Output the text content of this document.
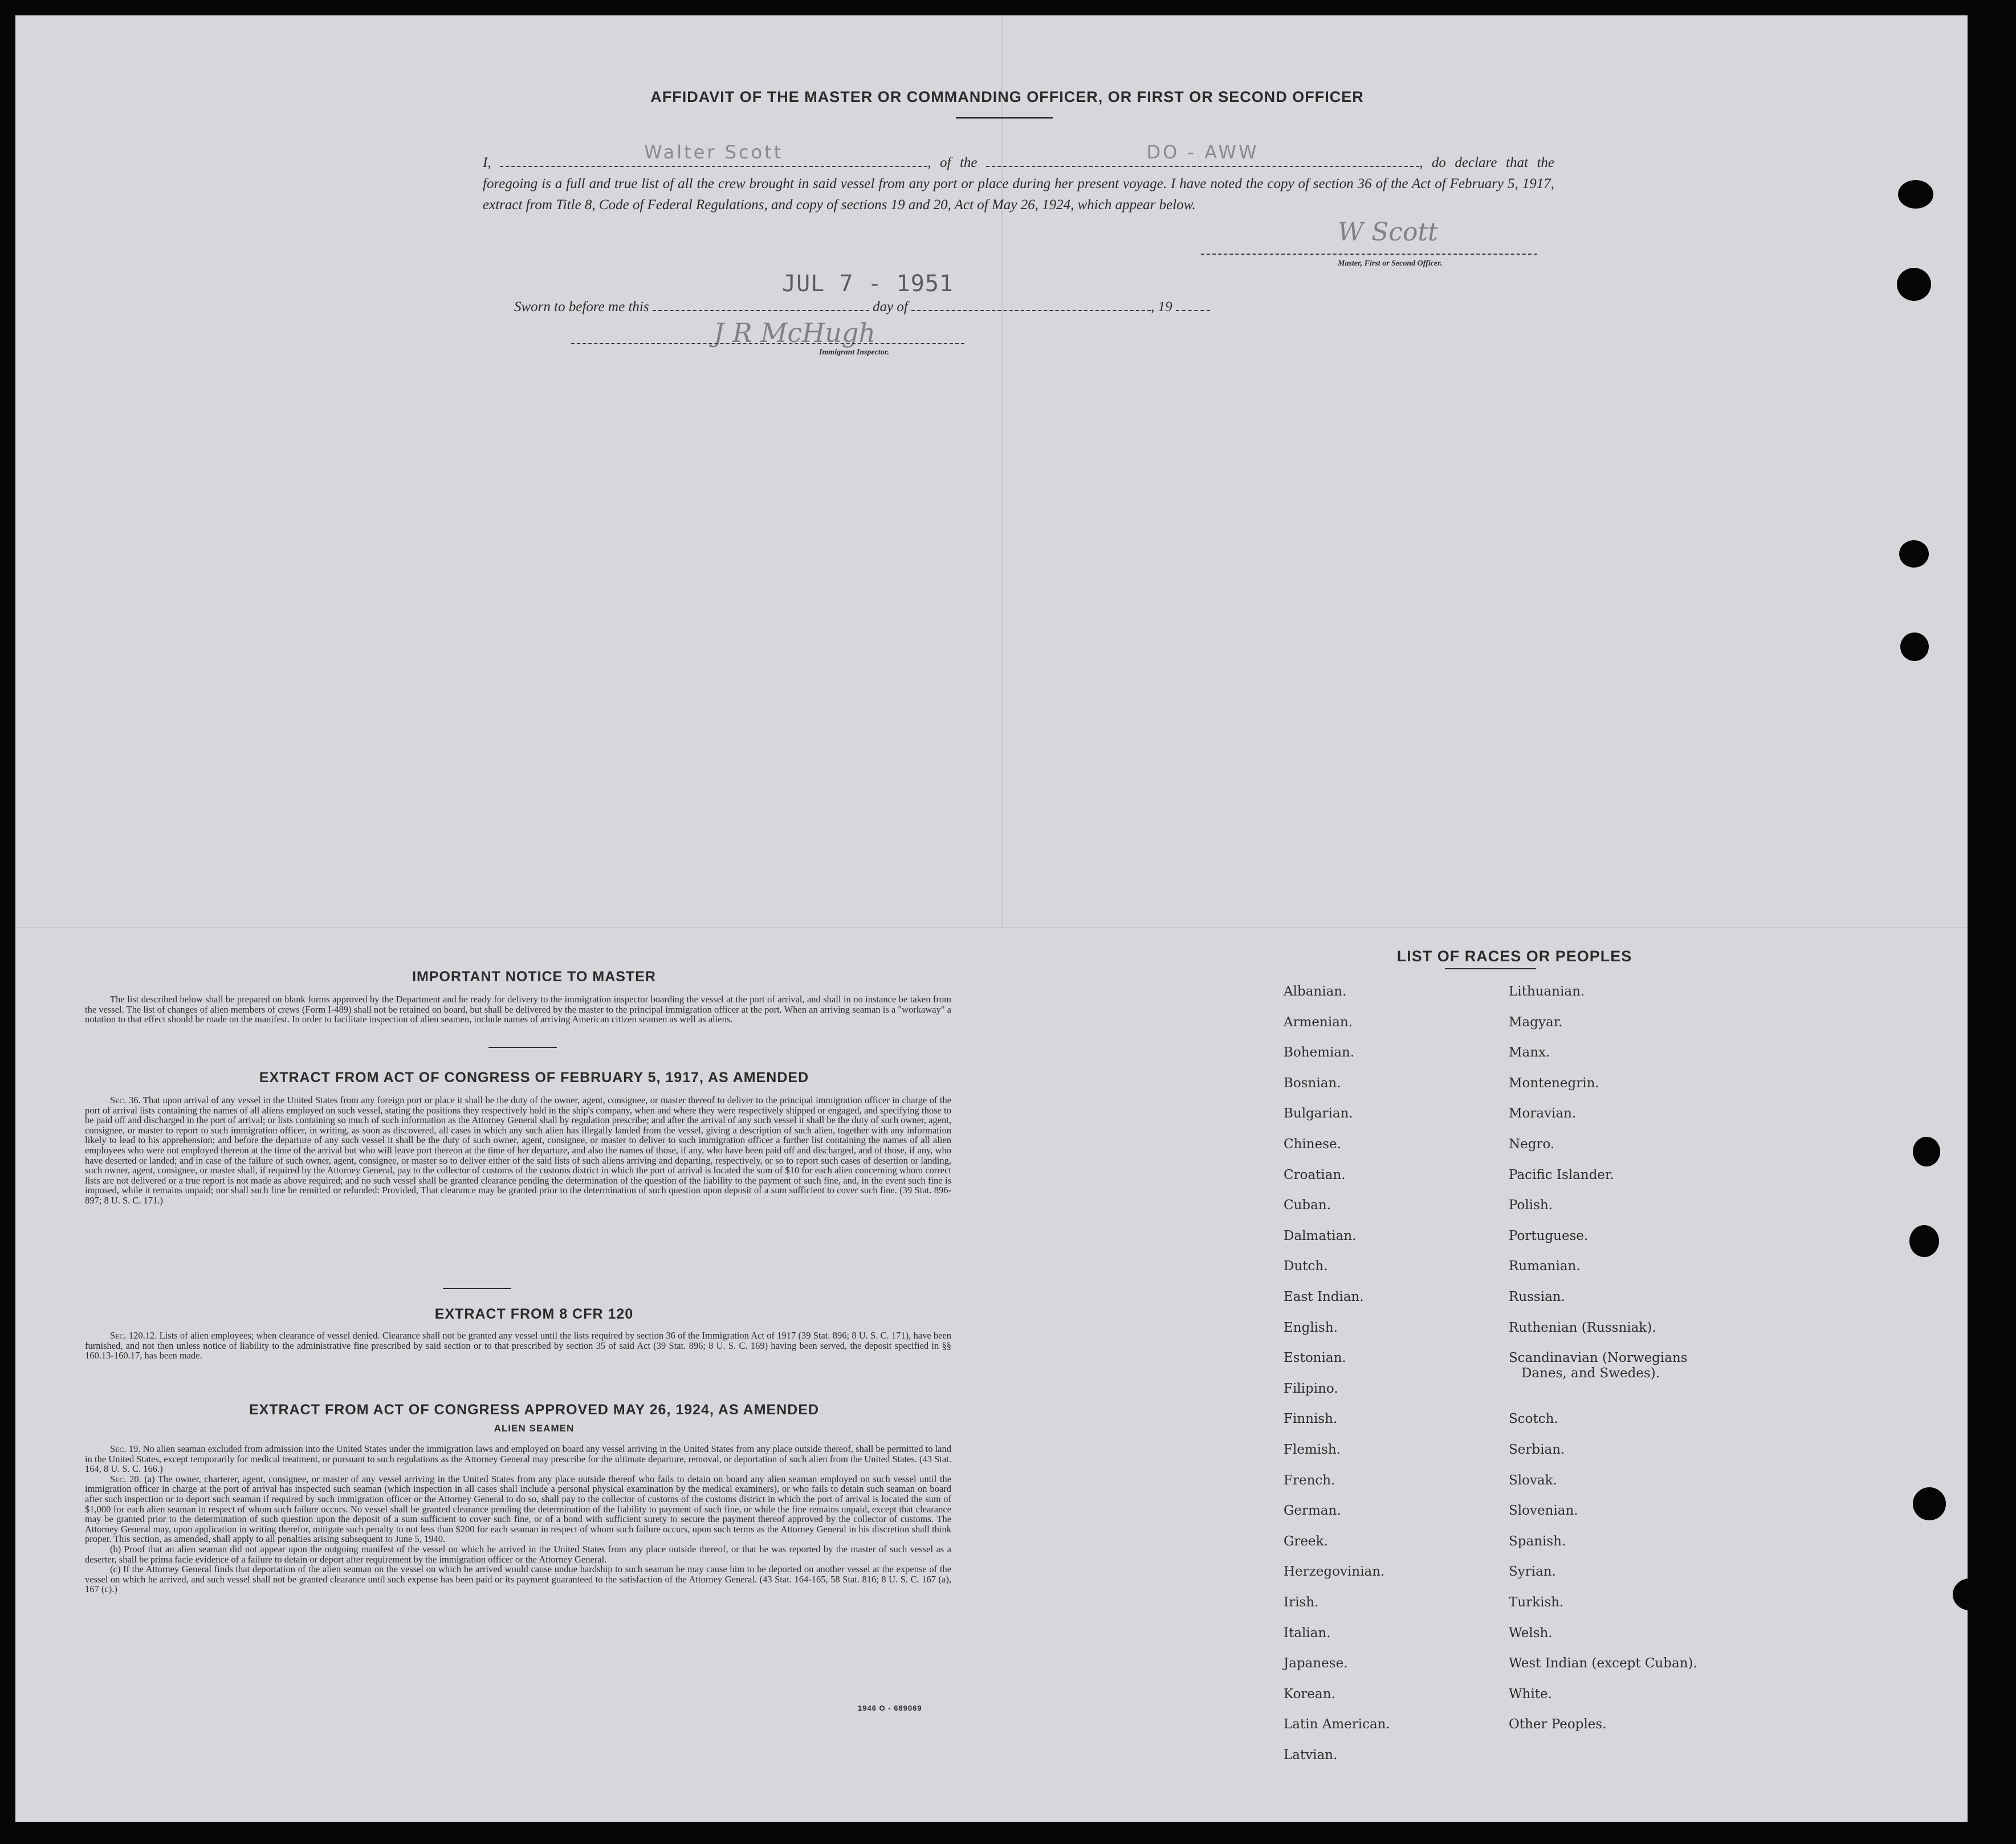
AFFIDAVIT OF THE MASTER OR COMMANDING OFFICER, OR FIRST OR SECOND OFFICER
I,	Walter Scott	, of the	DO - AWW	, do declare that the foregoing is a full and true list of all the crew brought in said vessel from any port or place during her present voyage. I have noted the copy of section 36 of the Act of February 5, 1917, extract from Title 8, Code of Federal Regulations, and copy of sections 19 and 20, Act of May 26, 1924, which appear below.
JUL 7 - 1951
W Scott
Master, First or Second Officer.
Sworn to before me this	day of	, 19
J R McHugh
Immigrant Inspector.
IMPORTANT NOTICE TO MASTER

The list described below shall be prepared on blank forms approved by the Department and be ready for delivery to the immigration inspector boarding the vessel at the port of arrival, and shall in no instance be taken from the vessel. The list of changes of alien members of crews (Form I-489) shall not be retained on board, but shall be delivered by the master to the principal immigration officer at the port. When an arriving seaman is a "workaway" a notation to that effect should be made on the manifest. In order to facilitate inspection of alien seamen, include names of arriving American citizen seamen as well as aliens.

EXTRACT FROM ACT OF CONGRESS OF FEBRUARY 5, 1917, AS AMENDED

Sec. 36. That upon arrival of any vessel in the United States from any foreign port or place it shall be the duty of the owner, agent, consignee, or master thereof to deliver to the principal immigration officer in charge of the port of arrival lists containing the names of all aliens employed on such vessel, stating the positions they respectively hold in the ship's company, when and where they were respectively shipped or engaged, and specifying those to be paid off and discharged in the port of arrival; or lists containing so much of such information as the Attorney General shall by regulation prescribe; and after the arrival of any such vessel it shall be the duty of such owner, agent, consignee, or master to report to such immigration officer, in writing, as soon as discovered, all cases in which any such alien has illegally landed from the vessel, giving a description of such alien, together with any information likely to lead to his apprehension; and before the departure of any such vessel it shall be the duty of such owner, agent, consignee, or master to deliver to such immigration officer a further list containing the names of all alien employees who were not employed thereon at the time of the arrival but who will leave port thereon at the time of her departure, and also the names of those, if any, who have been paid off and discharged, and of those, if any, who have deserted or landed; and in case of the failure of such owner, agent, consignee, or master so to deliver either of the said lists of such aliens arriving and departing, respectively, or so to report such cases of desertion or landing, such owner, agent, consignee, or master shall, if required by the Attorney General, pay to the collector of customs of the customs district in which the port of arrival is located the sum of $10 for each alien concerning whom correct lists are not delivered or a true report is not made as above required; and no such vessel shall be granted clearance pending the determination of the question of the liability to the payment of such fine, and, in the event such fine is imposed, while it remains unpaid; nor shall such fine be remitted or refunded: Provided, That clearance may be granted prior to the determination of such question upon deposit of a sum sufficient to cover such fine. (39 Stat. 896-897; 8 U. S. C. 171.)

EXTRACT FROM 8 CFR 120

Sec. 120.12. Lists of alien employees; when clearance of vessel denied. Clearance shall not be granted any vessel until the lists required by section 36 of the Immigration Act of 1917 (39 Stat. 896; 8 U. S. C. 171), have been furnished, and not then unless notice of liability to the administrative fine prescribed by said section or to that prescribed by section 35 of said Act (39 Stat. 896; 8 U. S. C. 169) having been served, the deposit specified in §§ 160.13-160.17, has been made.

EXTRACT FROM ACT OF CONGRESS APPROVED MAY 26, 1924, AS AMENDED
ALIEN SEAMEN

Sec. 19. No alien seaman excluded from admission into the United States under the immigration laws and employed on board any vessel arriving in the United States from any place outside thereof, shall be permitted to land in the United States, except temporarily for medical treatment, or pursuant to such regulations as the Attorney General may prescribe for the ultimate departure, removal, or deportation of such alien from the United States. (43 Stat. 164, 8 U. S. C. 166.)

Sec. 20. (a) The owner, charterer, agent, consignee, or master of any vessel arriving in the United States from any place outside thereof who fails to detain on board any alien seaman employed on such vessel until the immigration officer in charge at the port of arrival has inspected such seaman (which inspection in all cases shall include a personal physical examination by the medical examiners), or who fails to detain such seaman on board after such inspection or to deport such seaman if required by such immigration officer or the Attorney General to do so, shall pay to the collector of customs of the customs district in which the port of arrival is located the sum of $1,000 for each alien seaman in respect of whom such failure occurs. No vessel shall be granted clearance pending the determination of the liability to payment of such fine, or while the fine remains unpaid, except that clearance may be granted prior to the determination of such question upon the deposit of a sum sufficient to cover such fine, or of a bond with sufficient surety to secure the payment thereof approved by the collector of customs. The Attorney General may, upon application in writing therefor, mitigate such penalty to not less than $200 for each seaman in respect of whom such failure occurs, upon such terms as the Attorney General in his discretion shall think proper. This section, as amended, shall apply to all penalties arising subsequent to June 5, 1940.

(b) Proof that an alien seaman did not appear upon the outgoing manifest of the vessel on which he arrived in the United States from any place outside thereof, or that he was reported by the master of such vessel as a deserter, shall be prima facie evidence of a failure to detain or deport after requirement by the immigration officer or the Attorney General.

(c) If the Attorney General finds that deportation of the alien seaman on the vessel on which he arrived would cause undue hardship to such seaman he may cause him to be deported on another vessel at the expense of the vessel on which he arrived, and such vessel shall not be granted clearance until such expense has been paid or its payment guaranteed to the satisfaction of the Attorney General. (43 Stat. 164-165, 58 Stat. 816; 8 U. S. C. 167 (a), 167 (c).)

1946 O - 689069
LIST OF RACES OR PEOPLES
Albanian.
Armenian.
Bohemian.
Bosnian.
Bulgarian.
Chinese.
Croatian.
Cuban.
Dalmatian.
Dutch.
East Indian.
English.
Estonian.
Filipino.
Finnish.
Flemish.
French.
German.
Greek.
Herzegovinian.
Irish.
Italian.
Japanese.
Korean.
Latin American.
Latvian.
Lithuanian.
Magyar.
Manx.
Montenegrin.
Moravian.
Negro.
Pacific Islander.
Polish.
Portuguese.
Rumanian.
Russian.
Ruthenian (Russniak).
Scandinavian (Norwegians
Danes, and Swedes).
Scotch.
Serbian.
Slovak.
Slovenian.
Spanish.
Syrian.
Turkish.
Welsh.
West Indian (except Cuban).
White.
Other Peoples.
